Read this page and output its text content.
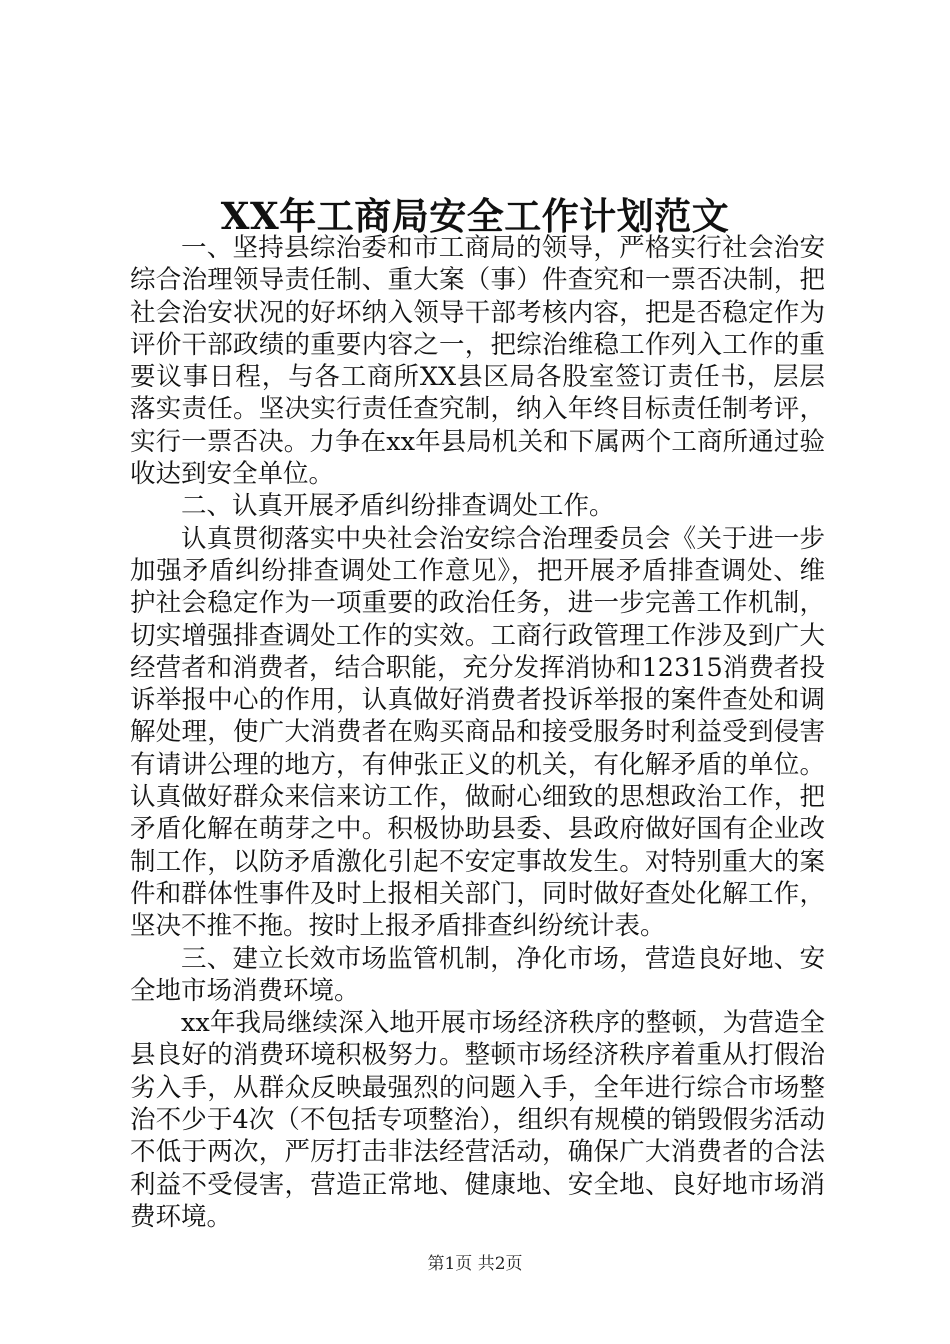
XX年工商局安全工作计划范文

一、坚持县综治委和市工商局的领导，严格实行社会治安综合治理领导责任制、重大案（事）件查究和一票否决制，把社会治安状况的好坏纳入领导干部考核内容，把是否稳定作为评价干部政绩的重要内容之一，把综治维稳工作列入工作的重要议事日程，与各工商所XX县区局各股室签订责任书，层层落实责任。坚决实行责任查究制，纳入年终目标责任制考评，实行一票否决。力争在xx年县局机关和下属两个工商所通过验收达到安全单位。

二、认真开展矛盾纠纷排查调处工作。

认真贯彻落实中央社会治安综合治理委员会《关于进一步加强矛盾纠纷排查调处工作意见》，把开展矛盾排查调处、维护社会稳定作为一项重要的政治任务，进一步完善工作机制，切实增强排查调处工作的实效。工商行政管理工作涉及到广大经营者和消费者，结合职能，充分发挥消协和12315消费者投诉举报中心的作用，认真做好消费者投诉举报的案件查处和调解处理，使广大消费者在购买商品和接受服务时利益受到侵害有请讲公理的地方，有伸张正义的机关，有化解矛盾的单位。认真做好群众来信来访工作，做耐心细致的思想政治工作，把矛盾化解在萌芽之中。积极协助县委、县政府做好国有企业改制工作，以防矛盾激化引起不安定事故发生。对特别重大的案件和群体性事件及时上报相关部门，同时做好查处化解工作，坚决不推不拖。按时上报矛盾排查纠纷统计表。

三、建立长效市场监管机制，净化市场，营造良好地、安全地市场消费环境。

xx年我局继续深入地开展市场经济秩序的整顿，为营造全县良好的消费环境积极努力。整顿市场经济秩序着重从打假治劣入手，从群众反映最强烈的问题入手，全年进行综合市场整治不少于4次（不包括专项整治），组织有规模的销毁假劣活动不低于两次，严厉打击非法经营活动，确保广大消费者的合法利益不受侵害，营造正常地、健康地、安全地、良好地市场消费环境。

第1页 共2页
